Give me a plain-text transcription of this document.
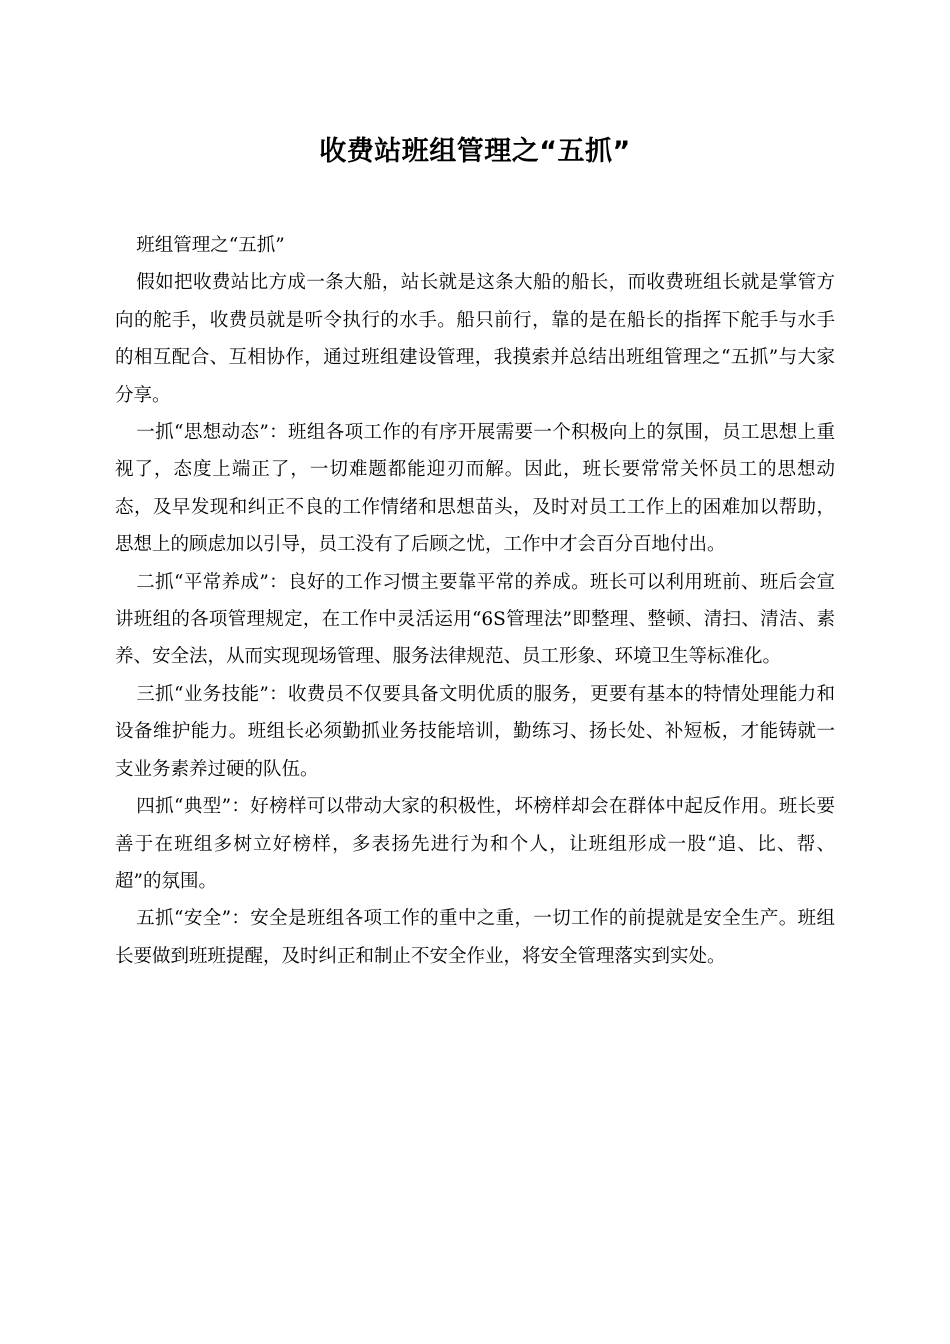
收费站班组管理之“五抓”

班组管理之“五抓”

假如把收费站比方成一条大船，站长就是这条大船的船长，而收费班组长就是掌管方向的舵手，收费员就是听令执行的水手。船只前行，靠的是在船长的指挥下舵手与水手的相互配合、互相协作，通过班组建设管理，我摸索并总结出班组管理之“五抓”与大家分享。

一抓“思想动态”：班组各项工作的有序开展需要一个积极向上的氛围，员工思想上重视了，态度上端正了，一切难题都能迎刃而解。因此，班长要常常关怀员工的思想动态，及早发现和纠正不良的工作情绪和思想苗头，及时对员工工作上的困难加以帮助，思想上的顾虑加以引导，员工没有了后顾之忧，工作中才会百分百地付出。

二抓“平常养成”：良好的工作习惯主要靠平常的养成。班长可以利用班前、班后会宣讲班组的各项管理规定，在工作中灵活运用“6S管理法”即整理、整顿、清扫、清洁、素养、安全法，从而实现现场管理、服务法律规范、员工形象、环境卫生等标准化。

三抓“业务技能”：收费员不仅要具备文明优质的服务，更要有基本的特情处理能力和设备维护能力。班组长必须勤抓业务技能培训，勤练习、扬长处、补短板，才能铸就一支业务素养过硬的队伍。

四抓“典型”：好榜样可以带动大家的积极性，坏榜样却会在群体中起反作用。班长要善于在班组多树立好榜样，多表扬先进行为和个人，让班组形成一股“追、比、帮、超”的氛围。

五抓“安全”：安全是班组各项工作的重中之重，一切工作的前提就是安全生产。班组长要做到班班提醒，及时纠正和制止不安全作业，将安全管理落实到实处。
